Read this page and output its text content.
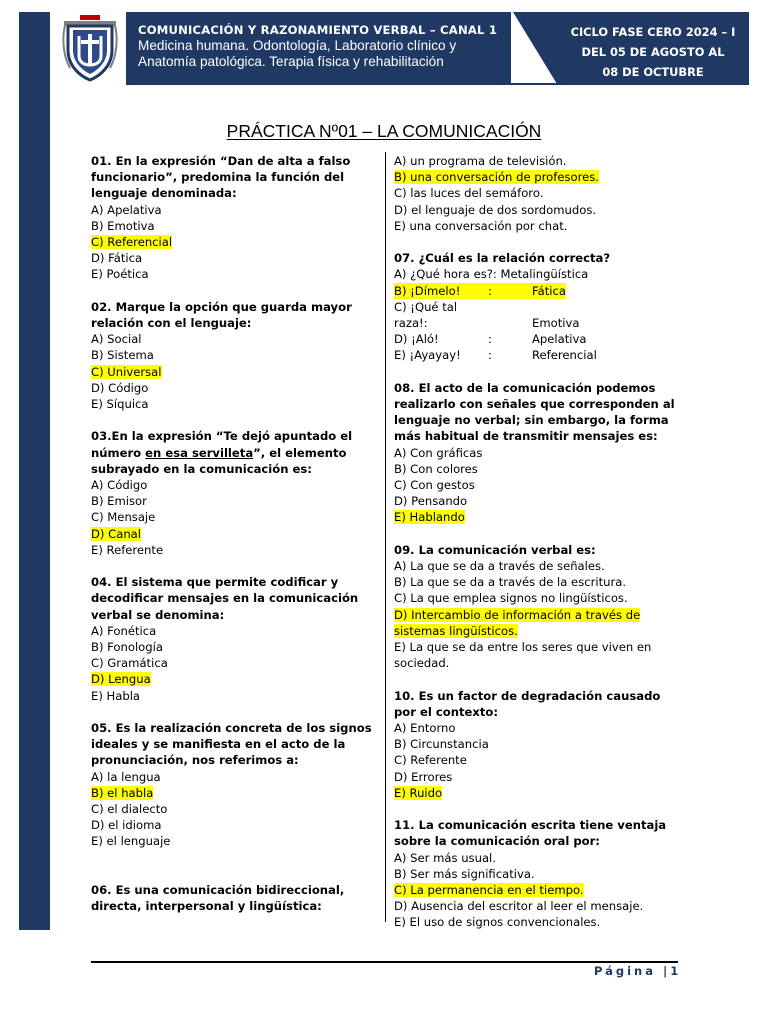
COMUNICACIÓN Y RAZONAMIENTO VERBAL – CANAL 1
Medicina humana. Odontología, Laboratorio clínico y
Anatomía patológica. Terapia física y rehabilitación
CICLO FASE CERO 2024 – I
DEL 05 DE AGOSTO AL
08 DE OCTUBRE
PRÁCTICA Nº01 – LA COMUNICACIÓN
01. En la expresión “Dan de alta a falso funcionario”, predomina la función del lenguaje denominada:
A) Apelativa
B) Emotiva
C) Referencial
D) Fática
E) Poética
02. Marque la opción que guarda mayor relación con el lenguaje:
A) Social
B) Sistema
C) Universal
D) Código
E) Síquica
03.En la expresión “Te dejó apuntado el número en esa servilleta”, el elemento subrayado en la comunicación es:
A) Código
B) Emisor
C) Mensaje
D) Canal
E) Referente
04. El sistema que permite codificar y decodificar mensajes en la comunicación verbal se denomina:
A) Fonética
B) Fonología
C) Gramática
D) Lengua
E) Habla
05. Es la realización concreta de los signos ideales y se manifiesta en el acto de la pronunciación, nos referimos a:
A) la lengua
B) el habla
C) el dialecto
D) el idioma
E) el lenguaje
06. Es una comunicación bidireccional, directa, interpersonal y lingüística:
A) un programa de televisión.
B) una conversación de profesores.
C) las luces del semáforo.
D) el lenguaje de dos sordomudos.
E) una conversación por chat.
07. ¿Cuál es la relación correcta?
A) ¿Qué hora es?: Metalingüística
B) ¡Dímelo! :	Fática
C) ¡Qué tal raza!:	Emotiva
D) ¡Aló!	:	Apelativa
E) ¡Ayayay! :	Referencial
08. El acto de la comunicación podemos realizarlo con señales que corresponden al lenguaje no verbal; sin embargo, la forma más habitual de transmitir mensajes es:
A) Con gráficas
B) Con colores
C) Con gestos
D) Pensando
E) Hablando
09. La comunicación verbal es:
A) La que se da a través de señales.
B) La que se da a través de la escritura.
C) La que emplea signos no lingüísticos.
D) Intercambio de información a través de
sistemas lingüísticos.
E) La que se da entre los seres que viven en
sociedad.
10. Es un factor de degradación causado por el contexto:
A) Entorno
B) Circunstancia
C) Referente
D) Errores
E) Ruido
11. La comunicación escrita tiene ventaja sobre la comunicación oral por:
A) Ser más usual.
B) Ser más significativa.
C) La permanencia en el tiempo.
D) Ausencia del escritor al leer el mensaje.
E) El uso de signos convencionales.
Página |1
